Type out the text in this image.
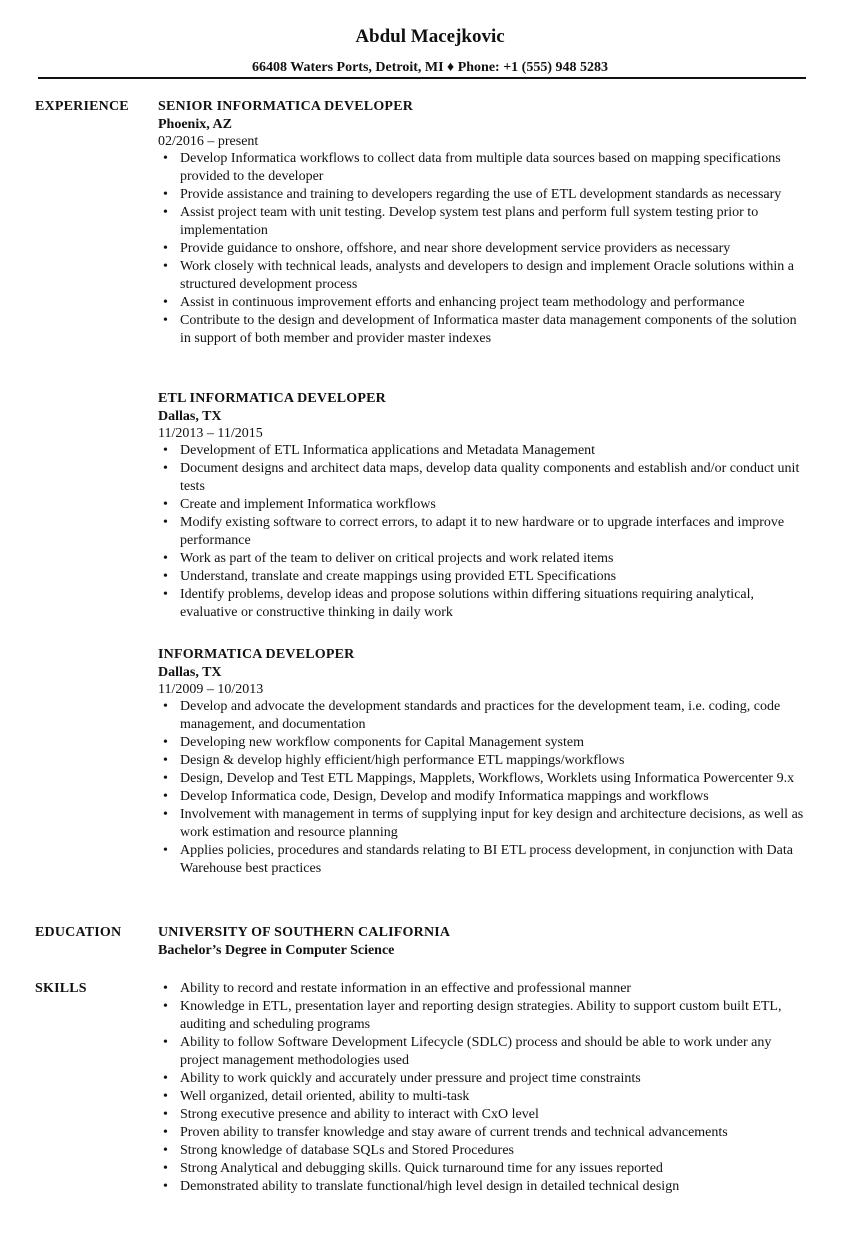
Abdul Macejkovic
66408 Waters Ports, Detroit, MI ♦ Phone: +1 (555) 948 5283
EXPERIENCE SENIOR INFORMATICA DEVELOPER
Phoenix, AZ
02/2016 – present
• Develop Informatica workflows to collect data from multiple data sources based on mapping specifications provided to the developer
• Provide assistance and training to developers regarding the use of ETL development standards as necessary
• Assist project team with unit testing. Develop system test plans and perform full system testing prior to implementation
• Provide guidance to onshore, offshore, and near shore development service providers as necessary
• Work closely with technical leads, analysts and developers to design and implement Oracle solutions within a structured development process
• Assist in continuous improvement efforts and enhancing project team methodology and performance
• Contribute to the design and development of Informatica master data management components of the solution in support of both member and provider master indexes
ETL INFORMATICA DEVELOPER
Dallas, TX
11/2013 – 11/2015
• Development of ETL Informatica applications and Metadata Management
• Document designs and architect data maps, develop data quality components and establish and/or conduct unit tests
• Create and implement Informatica workflows
• Modify existing software to correct errors, to adapt it to new hardware or to upgrade interfaces and improve performance
• Work as part of the team to deliver on critical projects and work related items
• Understand, translate and create mappings using provided ETL Specifications
• Identify problems, develop ideas and propose solutions within differing situations requiring analytical, evaluative or constructive thinking in daily work
INFORMATICA DEVELOPER
Dallas, TX
11/2009 – 10/2013
• Develop and advocate the development standards and practices for the development team, i.e. coding, code management, and documentation
• Developing new workflow components for Capital Management system
• Design & develop highly efficient/high performance ETL mappings/workflows
• Design, Develop and Test ETL Mappings, Mapplets, Workflows, Worklets using Informatica Powercenter 9.x
• Develop Informatica code, Design, Develop and modify Informatica mappings and workflows
• Involvement with management in terms of supplying input for key design and architecture decisions, as well as work estimation and resource planning
• Applies policies, procedures and standards relating to BI ETL process development, in conjunction with Data Warehouse best practices
EDUCATION	UNIVERSITY OF SOUTHERN CALIFORNIA
Bachelor’s Degree in Computer Science
SKILLS
•	Ability to record and restate information in an effective and professional manner
• Knowledge in ETL, presentation layer and reporting design strategies. Ability to support custom built ETL, auditing and scheduling programs
• Ability to follow Software Development Lifecycle (SDLC) process and should be able to work under any project management methodologies used
• Ability to work quickly and accurately under pressure and project time constraints
• Well organized, detail oriented, ability to multi-task
• Strong executive presence and ability to interact with CxO level
• Proven ability to transfer knowledge and stay aware of current trends and technical advancements
• Strong knowledge of database SQLs and Stored Procedures
• Strong Analytical and debugging skills. Quick turnaround time for any issues reported
• Demonstrated ability to translate functional/high level design in detailed technical design
